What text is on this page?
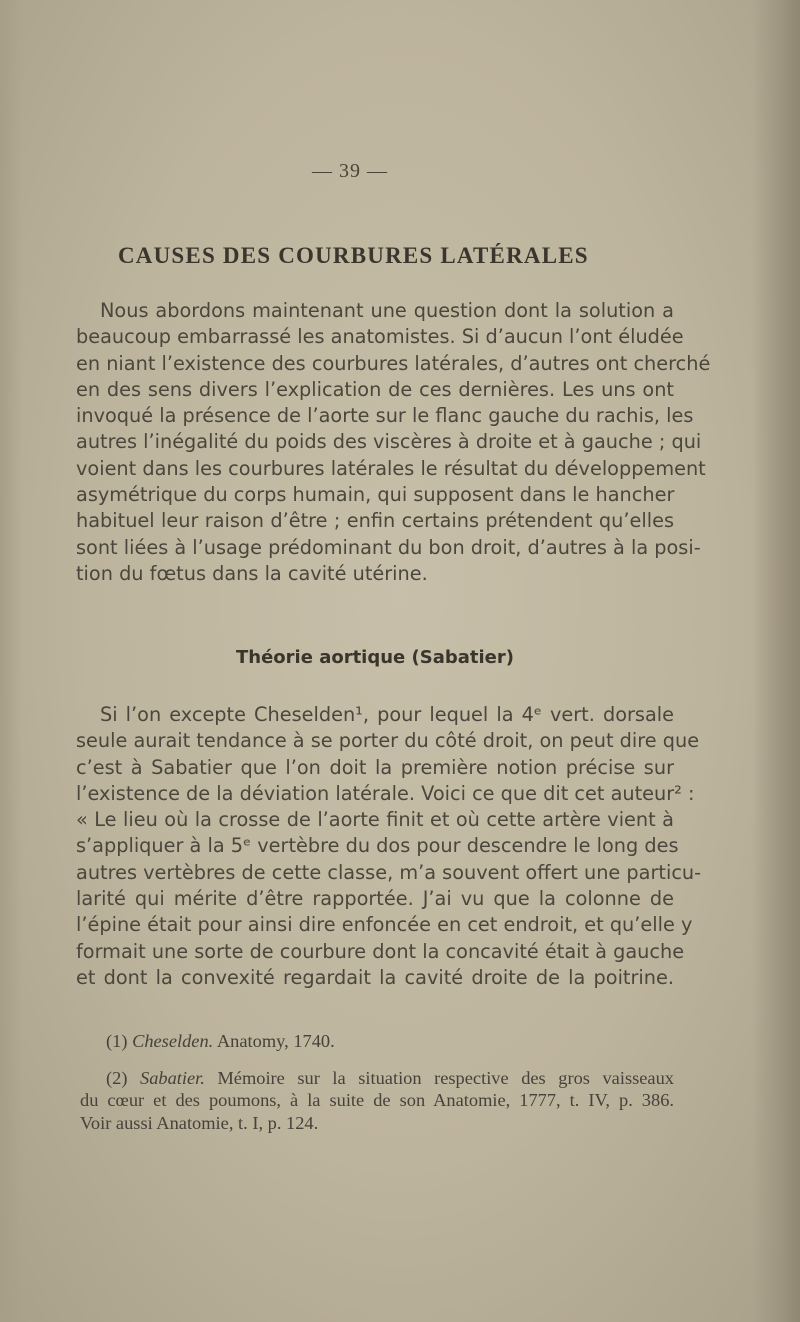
— 39 —
CAUSES DES COURBURES LATÉRALES
Nous abordons maintenant une question dont la solution a
beaucoup embarrassé les anatomistes. Si d’aucun l’ont éludée
en niant l’existence des courbures latérales, d’autres ont cherché
en des sens divers l’explication de ces dernières. Les uns ont
invoqué la présence de l’aorte sur le flanc gauche du rachis, les
autres l’inégalité du poids des viscères à droite et à gauche ; qui
voient dans les courbures latérales le résultat du développement
asymétrique du corps humain, qui supposent dans le hancher
habituel leur raison d’être ; enfin certains prétendent qu’elles
sont liées à l’usage prédominant du bon droit, d’autres à la posi-
tion du fœtus dans la cavité utérine.
Théorie aortique (Sabatier)
Si l’on excepte Cheselden¹, pour lequel la 4ᵉ vert. dorsale
seule aurait tendance à se porter du côté droit, on peut dire que
c’est à Sabatier que l’on doit la première notion précise sur
l’existence de la déviation latérale. Voici ce que dit cet auteur² :
« Le lieu où la crosse de l’aorte finit et où cette artère vient à
s’appliquer à la 5ᵉ vertèbre du dos pour descendre le long des
autres vertèbres de cette classe, m’a souvent offert une particu-
larité qui mérite d’être rapportée. J’ai vu que la colonne de
l’épine était pour ainsi dire enfoncée en cet endroit, et qu’elle y
formait une sorte de courbure dont la concavité était à gauche
et dont la convexité regardait la cavité droite de la poitrine.
(1) Cheselden. Anatomy, 1740.
(2) Sabatier. Mémoire sur la situation respective des gros vaisseaux
du cœur et des poumons, à la suite de son Anatomie, 1777, t. IV, p. 386.
Voir aussi Anatomie, t. I, p. 124.
